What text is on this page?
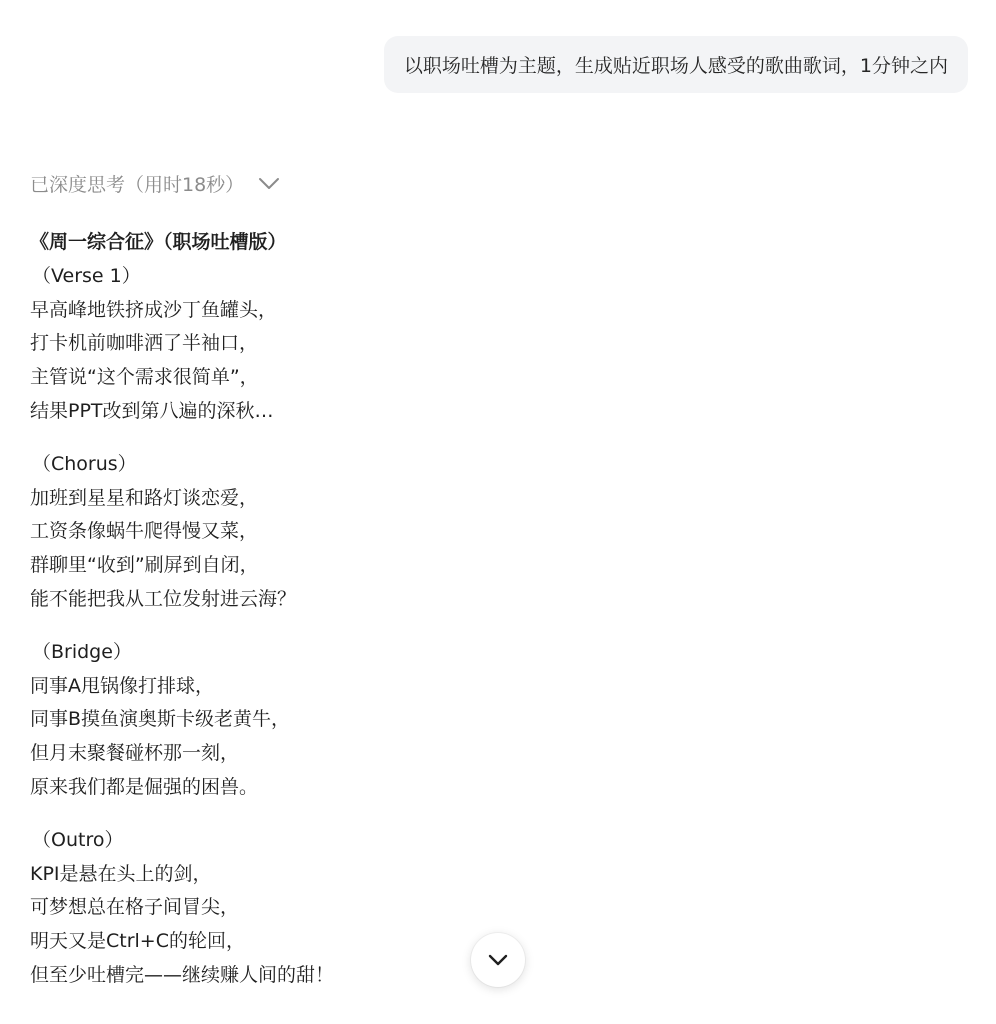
以职场吐槽为主题，生成贴近职场人感受的歌曲歌词，1分钟之内
已深度思考（用时18秒）
《周一综合征》（职场吐槽版）
（Verse 1）
早高峰地铁挤成沙丁鱼罐头，
打卡机前咖啡洒了半袖口，
主管说“这个需求很简单”，
结果PPT改到第八遍的深秋…
（Chorus）
加班到星星和路灯谈恋爱，
工资条像蜗牛爬得慢又菜，
群聊里“收到”刷屏到自闭，
能不能把我从工位发射进云海？
（Bridge）
同事A甩锅像打排球，
同事B摸鱼演奥斯卡级老黄牛，
但月末聚餐碰杯那一刻，
原来我们都是倔强的困兽。
（Outro）
KPI是悬在头上的剑，
可梦想总在格子间冒尖，
明天又是Ctrl+C的轮回，
但至少吐槽完——继续赚人间的甜！
